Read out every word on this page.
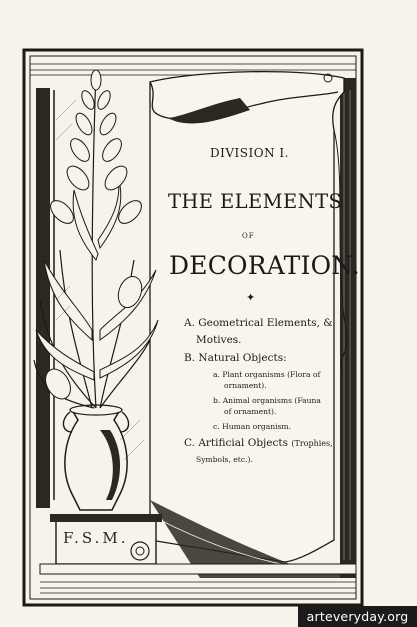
DIVISION I.
THE ELEMENTS
OF
DECORATION.
✦
A. Geometrical Elements, &
Motives.
B. Natural Objects:
a. Plant organisms (Flora of
ornament).
b. Animal organisms (Fauna
of ornament).
c. Human organism.
C. Artificial Objects (Trophies,
Symbols, etc.).
F.S.M.
arteveryday.org
